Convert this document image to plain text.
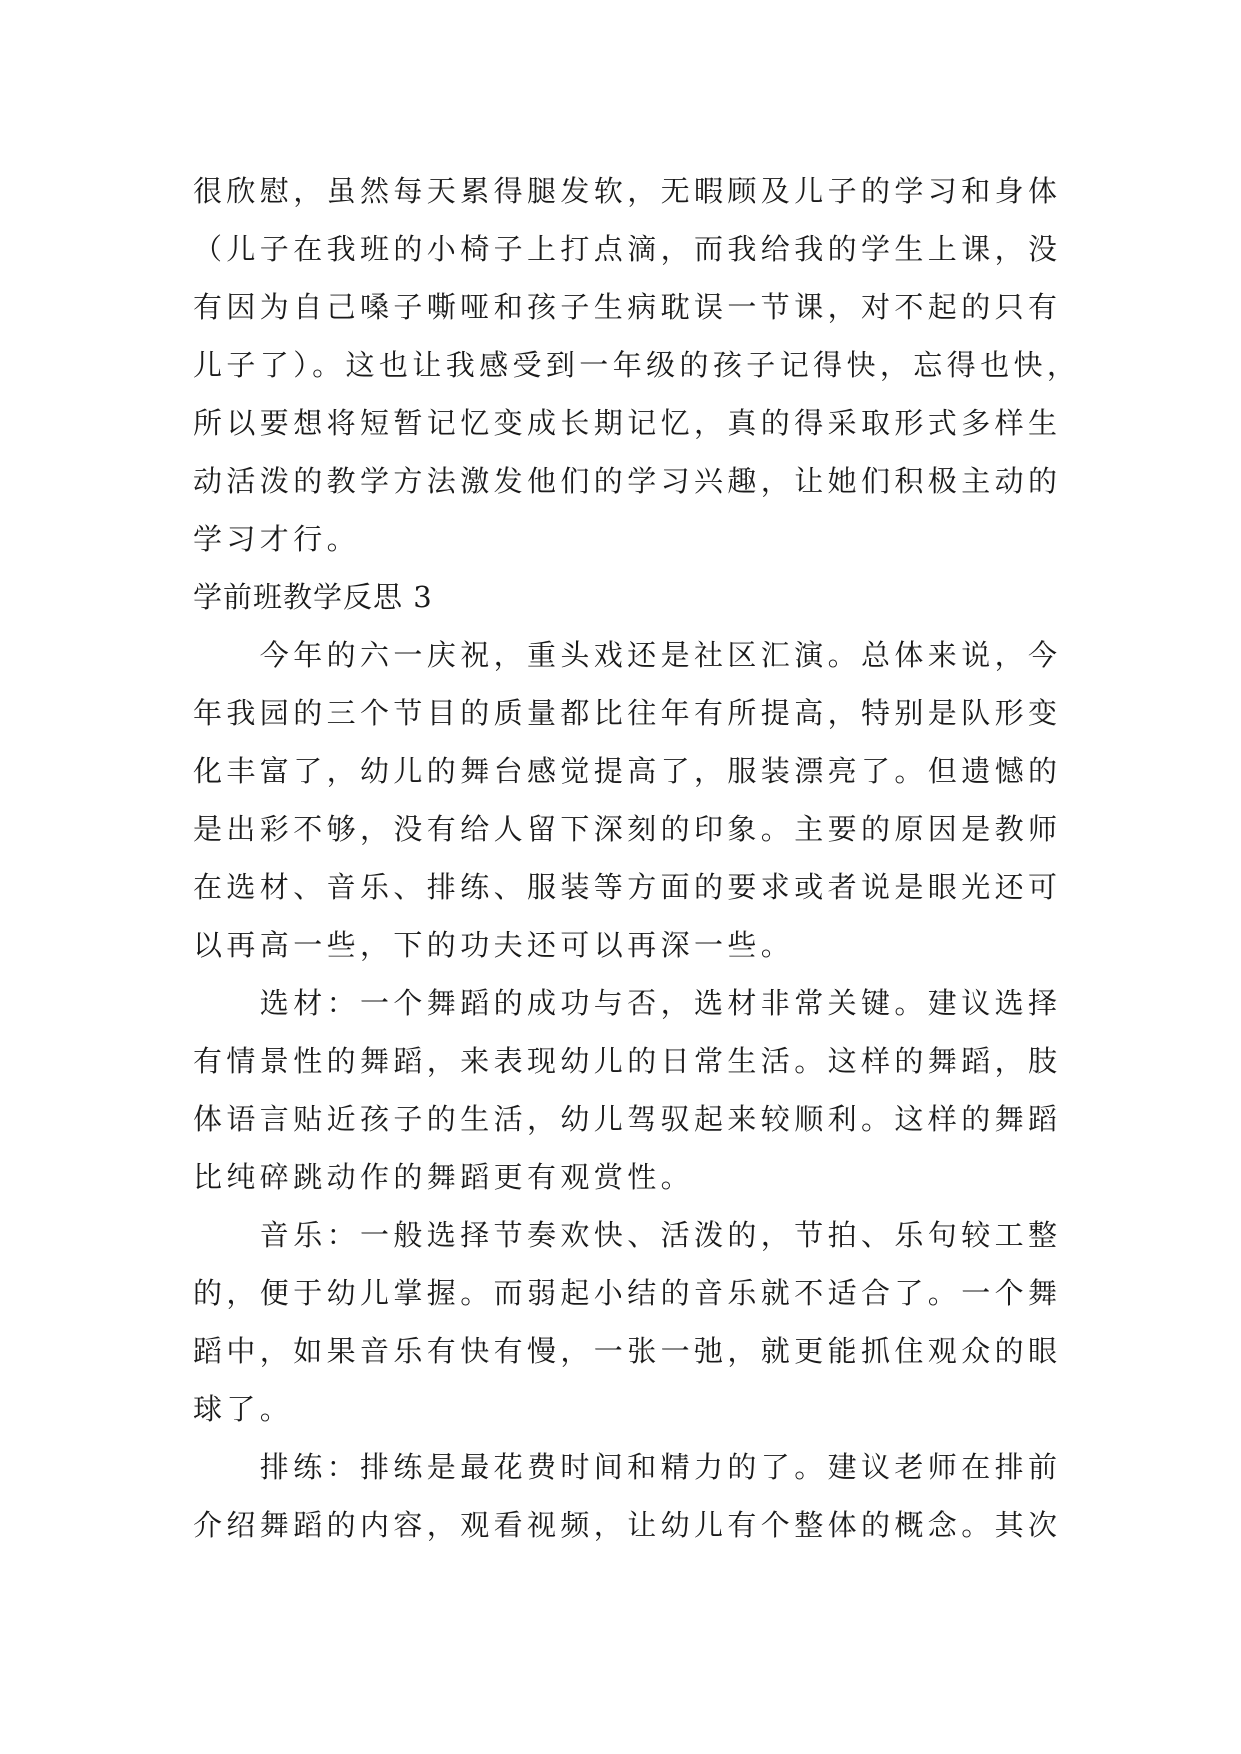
很欣慰，虽然每天累得腿发软，无暇顾及儿子的学习和身体
（儿子在我班的小椅子上打点滴，而我给我的学生上课，没
有因为自己嗓子嘶哑和孩子生病耽误一节课，对不起的只有
儿子了）。这也让我感受到一年级的孩子记得快，忘得也快，
所以要想将短暂记忆变成长期记忆，真的得采取形式多样生
动活泼的教学方法激发他们的学习兴趣，让她们积极主动的
学习才行。
学前班教学反思 3
　　今年的六一庆祝，重头戏还是社区汇演。总体来说，今
年我园的三个节目的质量都比往年有所提高，特别是队形变
化丰富了，幼儿的舞台感觉提高了，服装漂亮了。但遗憾的
是出彩不够，没有给人留下深刻的印象。主要的原因是教师
在选材、音乐、排练、服装等方面的要求或者说是眼光还可
以再高一些，下的功夫还可以再深一些。
　　选材：一个舞蹈的成功与否，选材非常关键。建议选择
有情景性的舞蹈，来表现幼儿的日常生活。这样的舞蹈，肢
体语言贴近孩子的生活，幼儿驾驭起来较顺利。这样的舞蹈
比纯碎跳动作的舞蹈更有观赏性。
　　音乐：一般选择节奏欢快、活泼的，节拍、乐句较工整
的，便于幼儿掌握。而弱起小结的音乐就不适合了。一个舞
蹈中，如果音乐有快有慢，一张一弛，就更能抓住观众的眼
球了。
　　排练：排练是最花费时间和精力的了。建议老师在排前
介绍舞蹈的内容，观看视频，让幼儿有个整体的概念。其次
